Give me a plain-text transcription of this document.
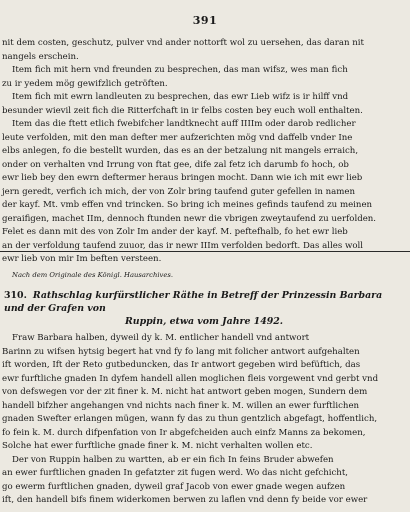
391
nit dem costen, geschutz, pulver vnd ander nottorft wol zu uersehen, das daran nit
nangels erschein.
Item fich mit hern vnd freunden zu besprechen, das man wifsz, wes man fich
zu ir yedem mög gewifzlich getröften.
Item fich mit ewrn landleuten zu besprechen, das ewr Lieb wifz is ir hilff vnd
besunder wievil zeit fich die Ritterfchaft in ir felbs costen bey euch woll enthalten.
Item das die ftett etlich fwebifcher landtknecht auff IIIIm oder darob redlicher
leute verfolden, mit den man defter mer aufzerichten mög vnd daffelb vnder Ine
elbs anlegen, fo die bestellt wurden, das es an der betzalung nit mangels erraich,
onder on verhalten vnd Irrung von ftat gee, dife zal fetz ich darumb fo hoch, ob
ewr lieb bey den ewrn deftermer heraus bringen mocht. Dann wie ich mit ewr lieb
jern geredt, verfich ich mich, der von Zolr bring taufend guter gefellen in namen
der kayf. Mt. vmb effen vnd trincken. So bring ich meines gefinds taufend zu meinen
geraifigen, machet IIm, dennoch ftunden newr die vbrigen zweytaufend zu uerfolden.
Felet es dann mit des von Zolr Im ander der kayf. M. peftefhalb, fo het ewr lieb
an der verfoldung taufend zuuor, das ir newr IIIm verfolden bedorft. Das alles woll
ewr lieb von mir Im beften versteen.
Nach dem Originale des Königl. Hausarchives.
310. Rathschlag kurfürstlicher Räthe in Betreff der Prinzessin Barbara und der Grafen von
Ruppin, etwa vom Jahre 1492.
Fraw Barbara halben, dyweil dy k. M. entlicher handell vnd antwort
Barinn zu wifsen hytsig begert hat vnd fy fo lang mit folicher antwort aufgehalten
ift worden, Ift der Reto gutbeduncken, das Ir antwort gegeben wird befüftich, das
ewr furftliche gnaden In dyfem handell allen moglichen fleis vorgewent vnd gerbt vnd
von defswegen vor der zit finer k. M. nicht hat antwort geben mogen, Sundern dem
handell bifzher angehangen vnd nichts nach finer k. M. willen an ewer furftlichen
gnaden Swefter erlangen mügen, wann fy das zu thun gentzlich abgefagt, hoffentlich,
fo fein k. M. durch difpenfation von Ir abgefcheiden auch einfz Manns za bekomen,
Solche hat ewer furftliche gnade finer k. M. nicht verhalten wollen etc.
Der von Ruppin halben zu wartten, ab er ein fich In feins Bruder abwefen
an ewer furftlichen gnaden In gefatzter zit fugen werd. Wo das nicht gefchicht,
go ewerm furftlichen gnaden, dyweil graf Jacob von ewer gnade wegen aufzen
ift, den handell bifs finem widerkomen berwen zu laflen vnd denn fy beide vor ewer
